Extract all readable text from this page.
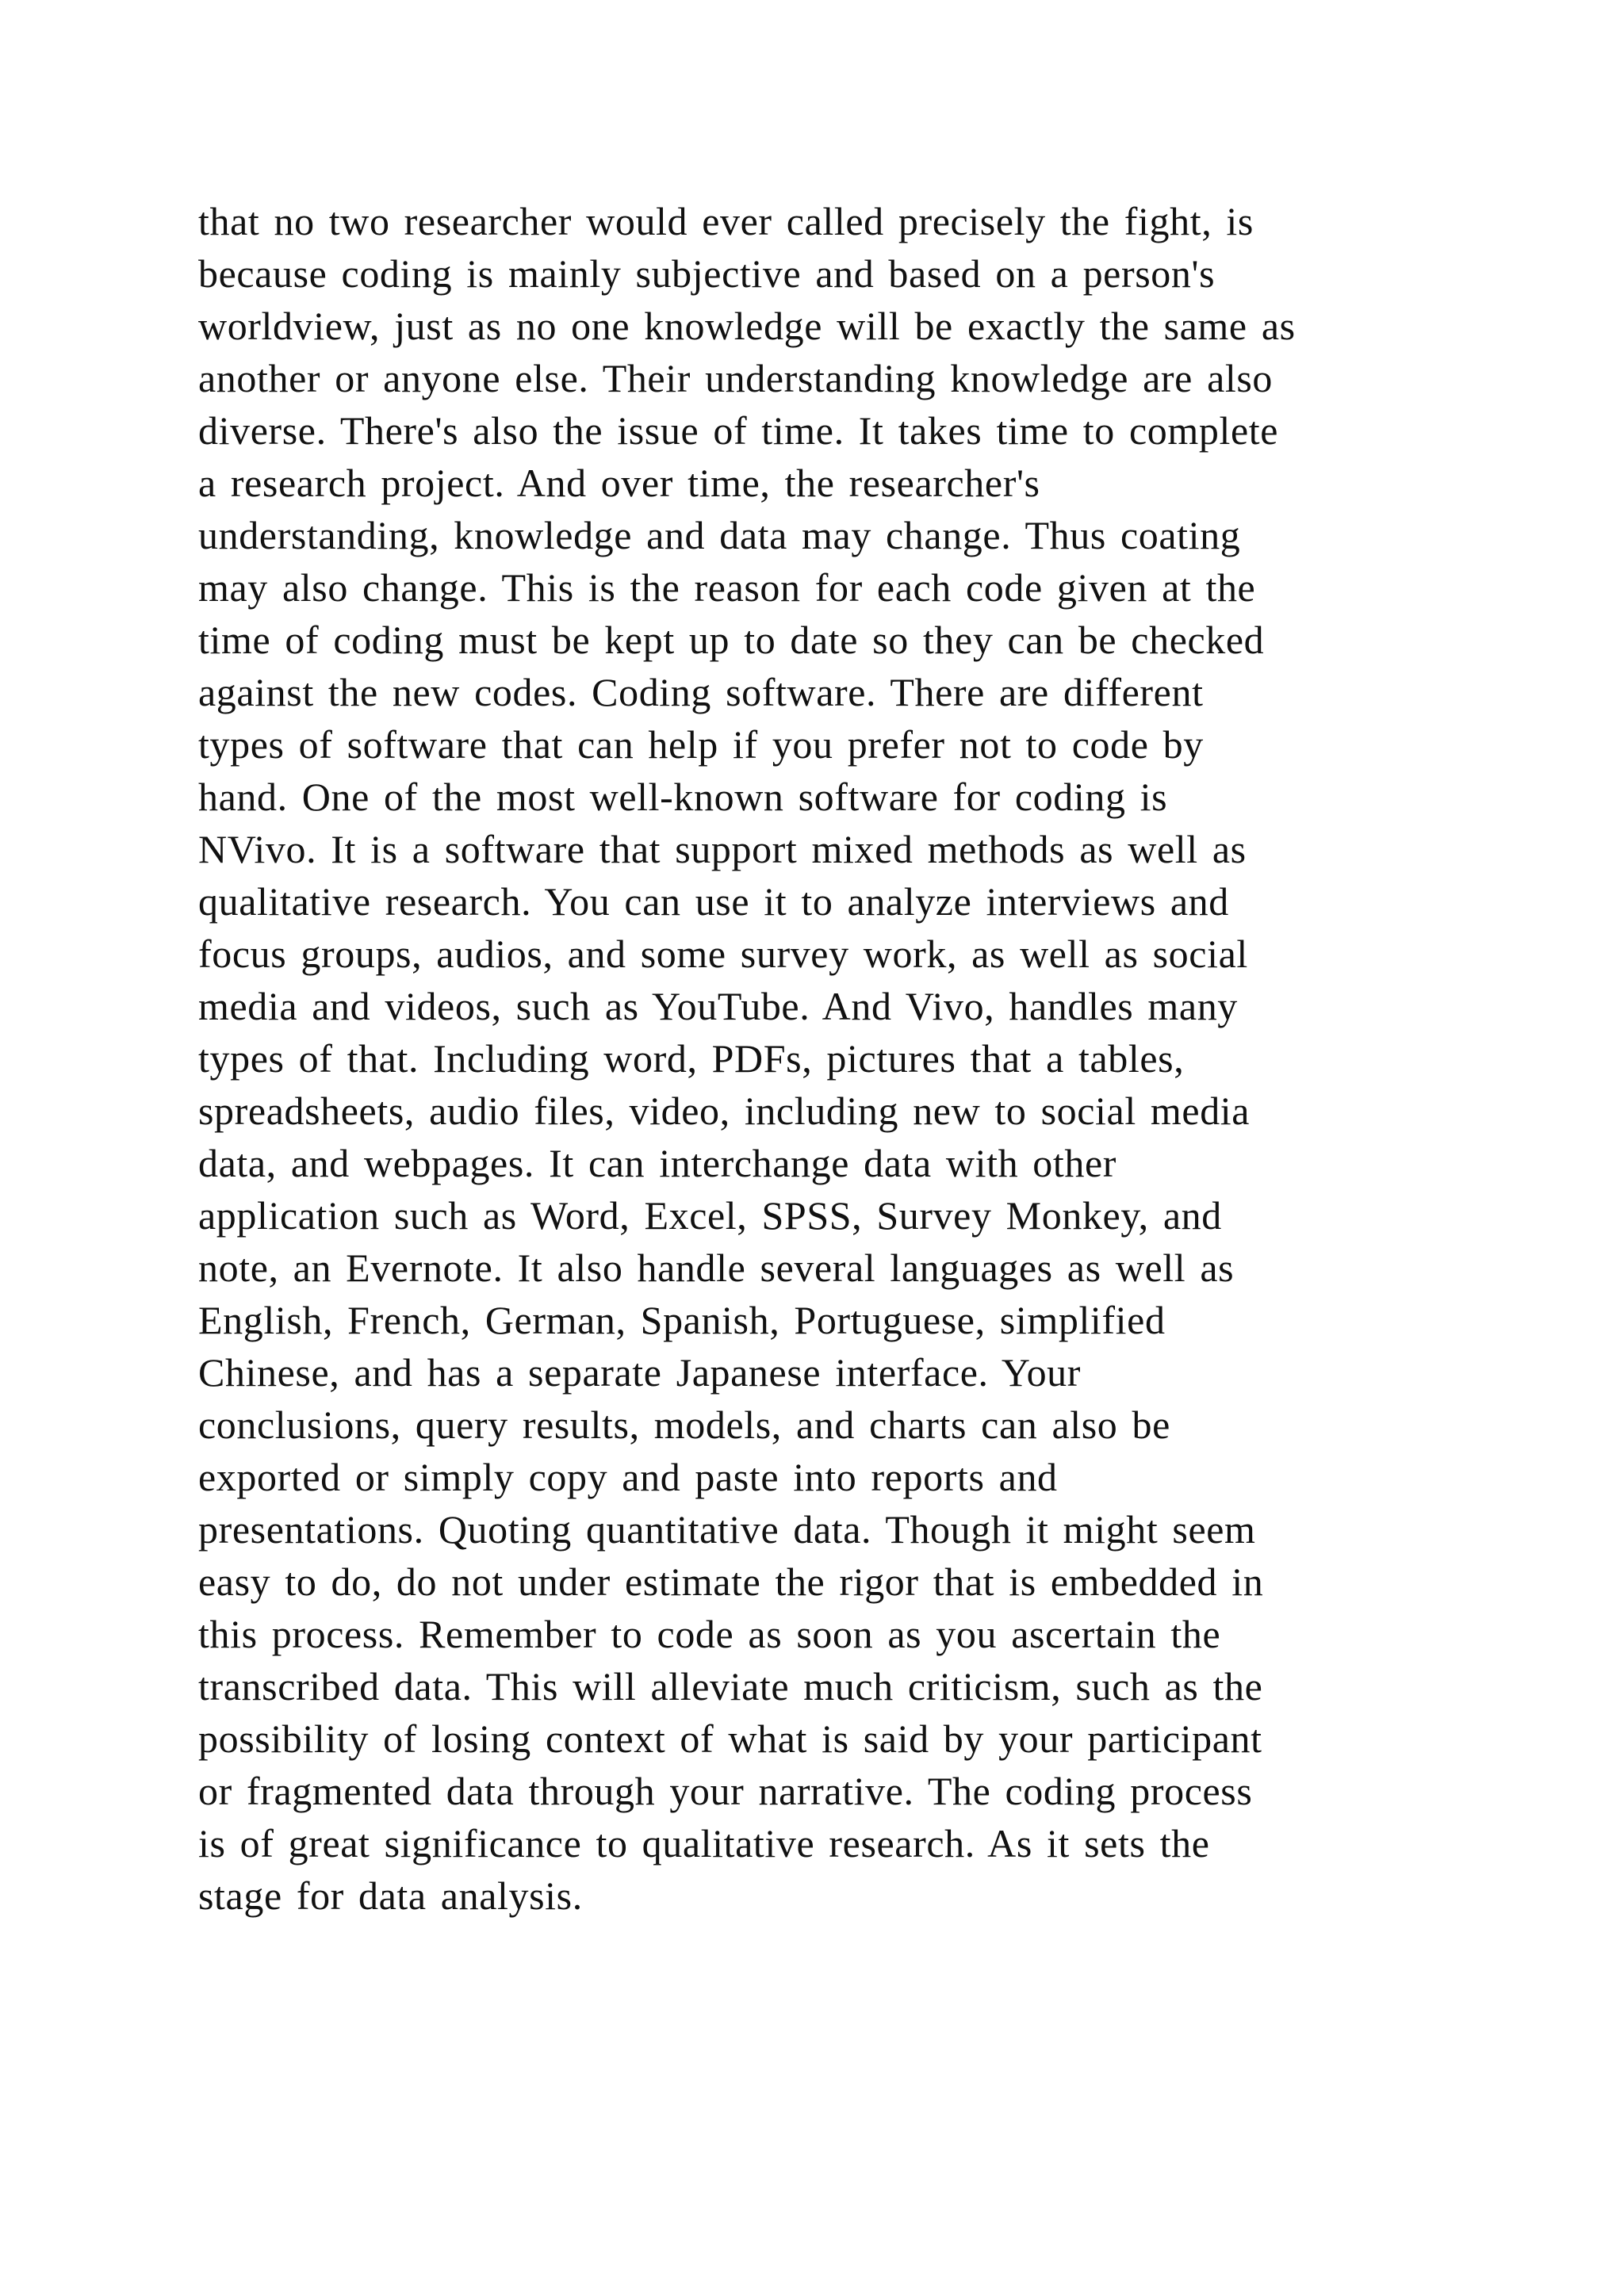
that no two researcher would ever called precisely the fight, is
because coding is mainly subjective and based on a person's
worldview, just as no one knowledge will be exactly the same as
another or anyone else. Their understanding knowledge are also
diverse. There's also the issue of time. It takes time to complete
a research project. And over time, the researcher's
understanding, knowledge and data may change. Thus coating
may also change. This is the reason for each code given at the
time of coding must be kept up to date so they can be checked
against the new codes. Coding software. There are different
types of software that can help if you prefer not to code by
hand. One of the most well-known software for coding is
NVivo. It is a software that support mixed methods as well as
qualitative research. You can use it to analyze interviews and
focus groups, audios, and some survey work, as well as social
media and videos, such as YouTube. And Vivo, handles many
types of that. Including word, PDFs, pictures that a tables,
spreadsheets, audio files, video, including new to social media
data, and webpages. It can interchange data with other
application such as Word, Excel, SPSS, Survey Monkey, and
note, an Evernote. It also handle several languages as well as
English, French, German, Spanish, Portuguese, simplified
Chinese, and has a separate Japanese interface. Your
conclusions, query results, models, and charts can also be
exported or simply copy and paste into reports and
presentations. Quoting quantitative data. Though it might seem
easy to do, do not under estimate the rigor that is embedded in
this process. Remember to code as soon as you ascertain the
transcribed data. This will alleviate much criticism, such as the
possibility of losing context of what is said by your participant
or fragmented data through your narrative. The coding process
is of great significance to qualitative research. As it sets the
stage for data analysis.
